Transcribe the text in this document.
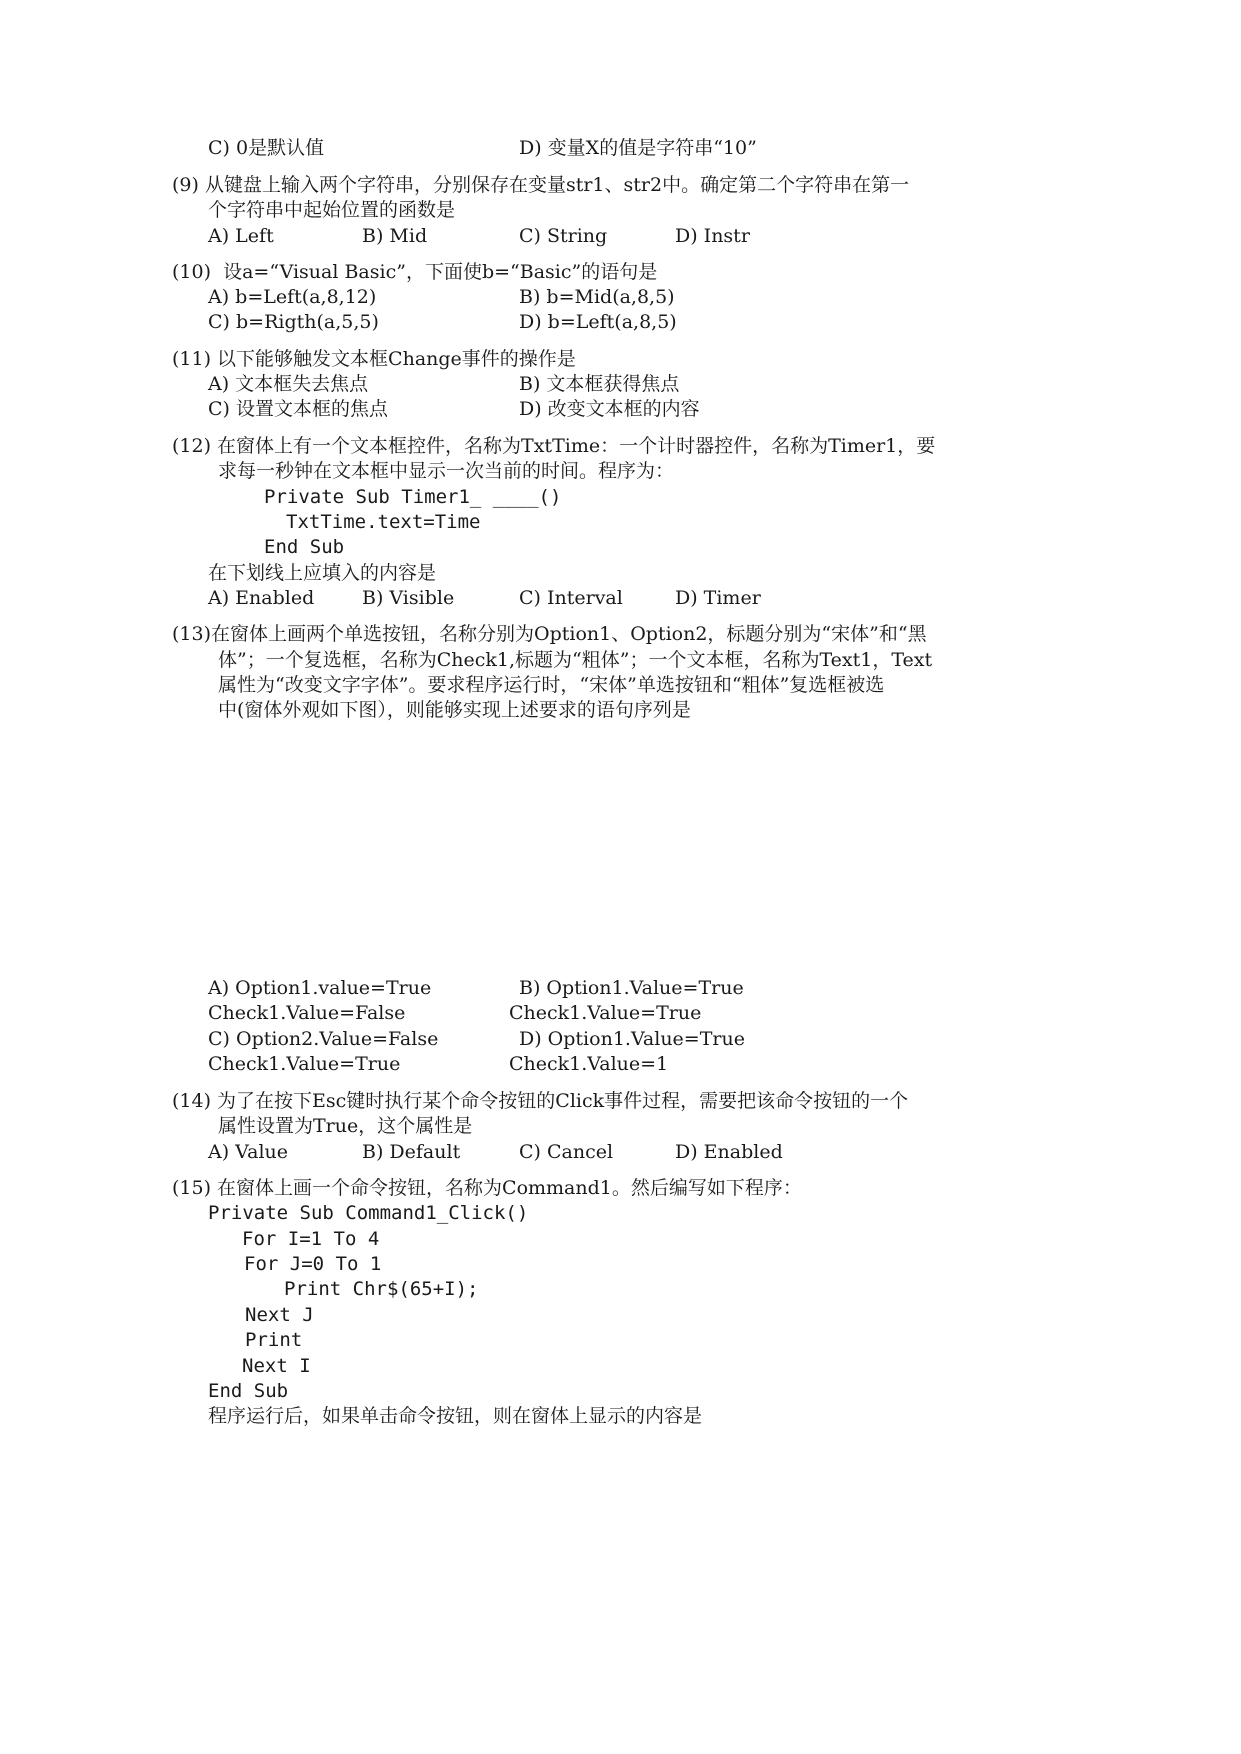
C) 0是默认值	D) 变量X的值是字符串“10”
(9) 从键盘上输入两个字符串，分别保存在变量str1、str2中。确定第二个字符串在第一
个字符串中起始位置的函数是
A) Left	B) Mid	C) String	D) Instr
(10)  设a=“Visual Basic”，下面使b=“Basic”的语句是
A) b=Left(a,8,12)	B) b=Mid(a,8,5)
C) b=Rigth(a,5,5)	D) b=Left(a,8,5)
(11) 以下能够触发文本框Change事件的操作是
A) 文本框失去焦点	B) 文本框获得焦点
C) 设置文本框的焦点	D) 改变文本框的内容
(12) 在窗体上有一个文本框控件，名称为TxtTime：一个计时器控件，名称为Timer1，要
求每一秒钟在文本框中显示一次当前的时间。程序为：
Private Sub Timer1_ ____()
TxtTime.text=Time
End Sub
在下划线上应填入的内容是
A) Enabled	B) Visible	C) Interval	D) Timer
(13)在窗体上画两个单选按钮，名称分别为Option1、Option2，标题分别为“宋体”和“黑
体”；一个复选框，名称为Check1,标题为“粗体”；一个文本框，名称为Text1，Text
属性为“改变文字字体”。要求程序运行时，“宋体”单选按钮和“粗体”复选框被选
中(窗体外观如下图），则能够实现上述要求的语句序列是
A) Option1.value=True	B) Option1.Value=True
Check1.Value=False	Check1.Value=True
C) Option2.Value=False	D) Option1.Value=True
Check1.Value=True	Check1.Value=1
(14) 为了在按下Esc键时执行某个命令按钮的Click事件过程，需要把该命令按钮的一个
属性设置为True，这个属性是
A) Value	B) Default	C) Cancel	D) Enabled
(15) 在窗体上画一个命令按钮，名称为Command1。然后编写如下程序：
Private Sub Command1_Click()
For I=1 To 4
For J=0 To 1
Print Chr$(65+I);
Next J
Print
Next I
End Sub
程序运行后，如果单击命令按钮，则在窗体上显示的内容是
